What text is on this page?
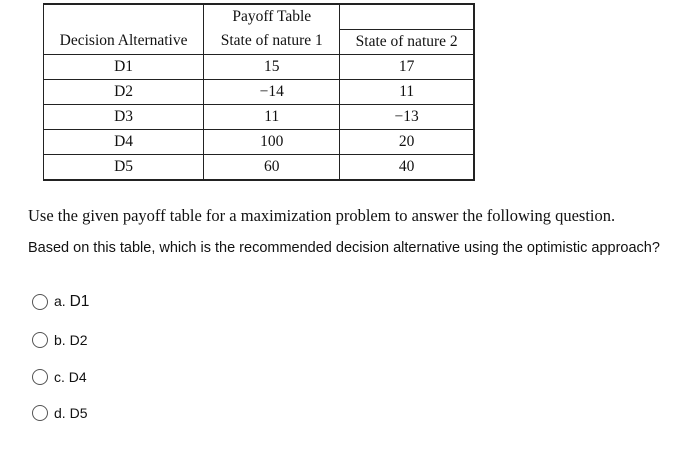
	Payoff Table	
Decision Alternative	State of nature 1	State of nature 2
D1	15	17
D2	−14	11
D3	11	−13
D4	100	20
D5	60	40
Use the given payoff table for a maximization problem to answer the following question.
Based on this table, which is the recommended decision alternative using the optimistic approach?
a. D1
b. D2
c. D4
d. D5
